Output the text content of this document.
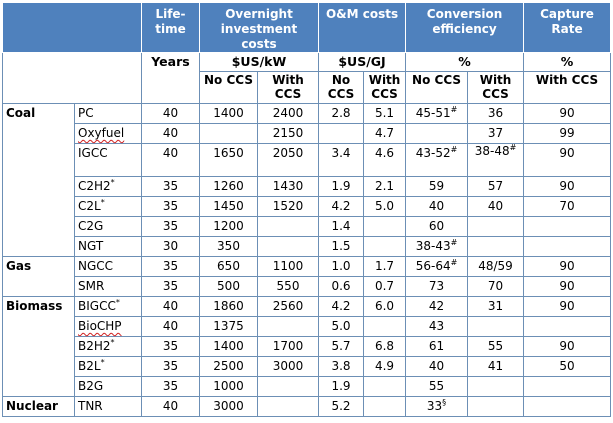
		Life-time	Overnight investment costs		O&M costs		Conversion efficiency		Capture Rate
		Years	$US/kW		$US/GJ		%		%
			No CCS	With CCS	No CCS	With CCS	No CCS	With CCS	With CCS
Coal	PC	40	1400	2400	2.8	5.1	45-51#	36	90
	Oxyfuel	40		2150		4.7		37	99
	IGCC	40	1650	2050	3.4	4.6	43-52#	38-48#	90
	C2H2*	35	1260	1430	1.9	2.1	59	57	90
	C2L*	35	1450	1520	4.2	5.0	40	40	70
	C2G	35	1200		1.4		60		
	NGT	30	350		1.5		38-43#		
Gas	NGCC	35	650	1100	1.0	1.7	56-64#	48/59	90
	SMR	35	500	550	0.6	0.7	73	70	90
Biomass	BIGCC*	40	1860	2560	4.2	6.0	42	31	90
	BioCHP	40	1375		5.0		43		
	B2H2*	35	1400	1700	5.7	6.8	61	55	90
	B2L*	35	2500	3000	3.8	4.9	40	41	50
	B2G	35	1000		1.9		55		
Nuclear	TNR	40	3000		5.2		33§		
